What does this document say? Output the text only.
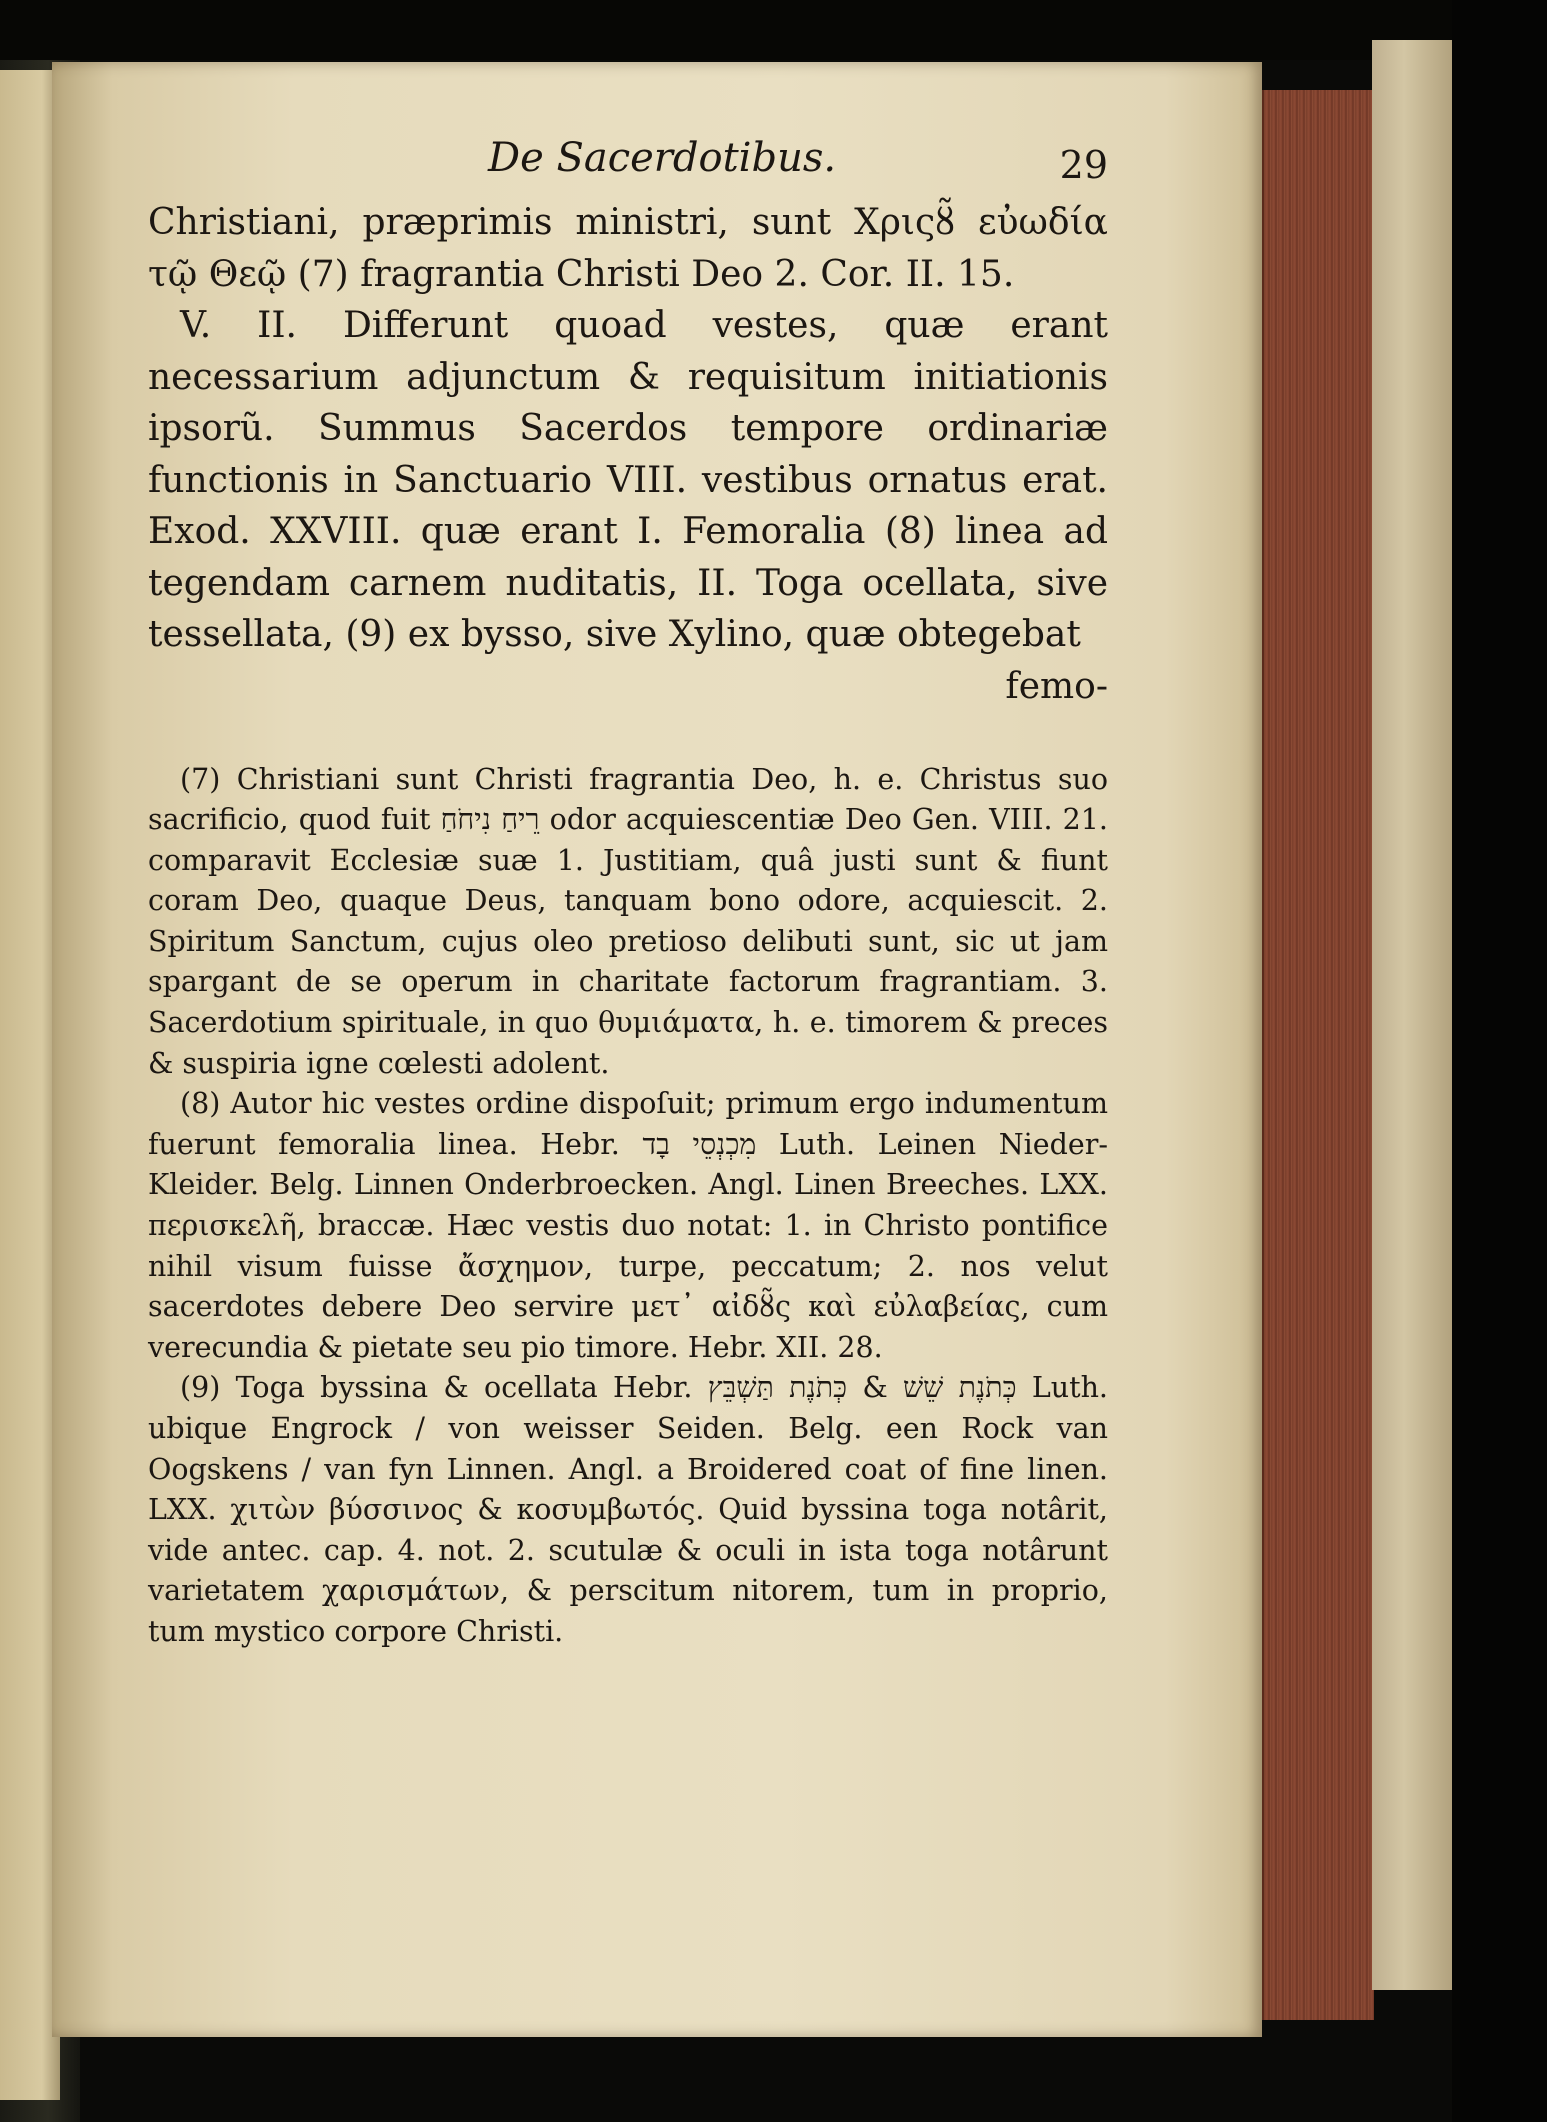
De Sacerdotibus.	29

Christiani, præprimis ministri, sunt Χριςȣ̃ εὐωδία τῷ Θεῷ (7) fragrantia Christi Deo 2. Cor. II. 15.

V. II. Differunt quoad vestes, quæ erant necessarium adjunctum & requisitum initiationis ipsorũ. Summus Sacerdos tempore ordinariæ functionis in Sanctuario VIII. vestibus ornatus erat. Exod. XXVIII. quæ erant I. Femoralia (8) linea ad tegendam carnem nuditatis, II. Toga ocellata, sive tessellata, (9) ex bysso, sive Xylino, quæ obtegebat

femo-

(7) Christiani sunt Christi fragrantia Deo, h. e. Christus suo sacrificio, quod fuit רֵיחַ נִיחֹחַ odor acquiescentiæ Deo Gen. VIII. 21. comparavit Ecclesiæ suæ 1. Justitiam, quâ justi sunt & fiunt coram Deo, quaque Deus, tanquam bono odore, acquiescit. 2. Spiritum Sanctum, cujus oleo pretioso delibuti sunt, sic ut jam spargant de se operum in charitate factorum fragrantiam. 3. Sacerdotium spirituale, in quo θυμιάματα, h. e. timorem & preces & suspiria igne cœlesti adolent.

(8) Autor hic vestes ordine dispoſuit; primum ergo indumentum fuerunt femoralia linea. Hebr. מִכְנְסֵי בָד Luth. Leinen Nieder-Kleider. Belg. Linnen Onderbroecken. Angl. Linen Breeches. LXX. περισκελῆ, braccæ. Hæc vestis duo notat: 1. in Christo pontifice nihil visum fuisse ἄσχημον, turpe, peccatum; 2. nos velut sacerdotes debere Deo servire μετ᾽ αἰδȣ̃ς καὶ εὐλαβείας, cum verecundia & pietate seu pio timore. Hebr. XII. 28.

(9) Toga byssina & ocellata Hebr. כְּתֹנֶת שֵׁשׁ & כְּתֹנֶת תַּשְׁבֵּץ Luth. ubique Engrock / von weisser Seiden. Belg. een Rock van Oogskens / van fyn Linnen. Angl. a Broidered coat of fine linen. LXX. χιτὼν βύσσινος & κοσυμβωτός. Quid byssina toga notârit, vide antec. cap. 4. not. 2. scutulæ & oculi in ista toga notârunt varietatem χαρισμάτων, & perscitum nitorem, tum in proprio, tum mystico corpore Christi.
